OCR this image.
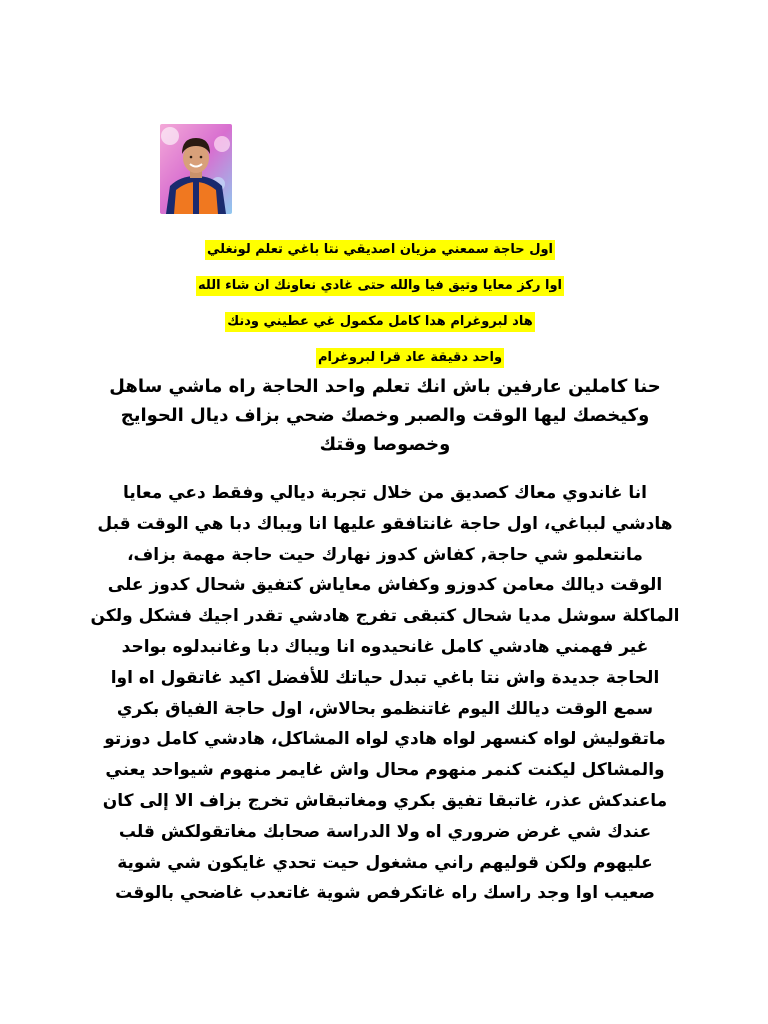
اول حاجة سمعني مزيان اصديقي نتا باغي تعلم لونغلي
اوا ركز معايا وتيق فيا والله حتى غادي نعاونك ان شاء الله
هاد لبروغرام هدا كامل مكمول غي عطيني ودنك
واحد دقيقة عاد قرا لبروغرام
حنا كاملين عارفين باش انك تعلم واحد الحاجة راه ماشي ساهل
وكيخصك ليها الوقت والصبر وخصك ضحي بزاف ديال الحوايج
وخصوصا وقتك
انا غاندوي معاك كصديق من خلال تجربة ديالي وفقط دعي معايا
هادشي لبباغي، اول حاجة غانتافقو عليها انا ويباك دبا هي الوقت قبل
مانتعلمو شي حاجة, كفاش كدوز نهارك حيت حاجة مهمة بزاف،
الوقت ديالك معامن كدوزو وكفاش معاياش كتفيق شحال كدوز على
الماكلة سوشل مديا شحال كتبقى تفرج هادشي تقدر اجيك فشكل ولكن
غير فهمني هادشي كامل غانحيدوه انا ويباك دبا وغانبدلوه بواحد
الحاجة جديدة واش نتا باغي تبدل حياتك للأفضل اكيد غاتقول اه اوا
سمع الوقت ديالك اليوم غاتنظمو بحالاش، اول حاجة الفياق بكري
ماتقوليش لواه كنسهر لواه هادي لواه المشاكل، هادشي كامل دوزتو
والمشاكل ليكنت كنمر منهوم محال واش غايمر منهوم شيواحد يعني
ماعندكش عذر، غاتبقا تفيق بكري ومغاتبقاش تخرج بزاف الا إلى كان
عندك شي غرض ضروري اه ولا الدراسة صحابك مغاتقولكش قلب
عليهوم ولكن قوليهم راني مشغول حيت تحدي غايكون شي شوية
صعيب اوا وجد راسك راه غاتكرفص شوية غاتعدب غاضحي بالوقت
